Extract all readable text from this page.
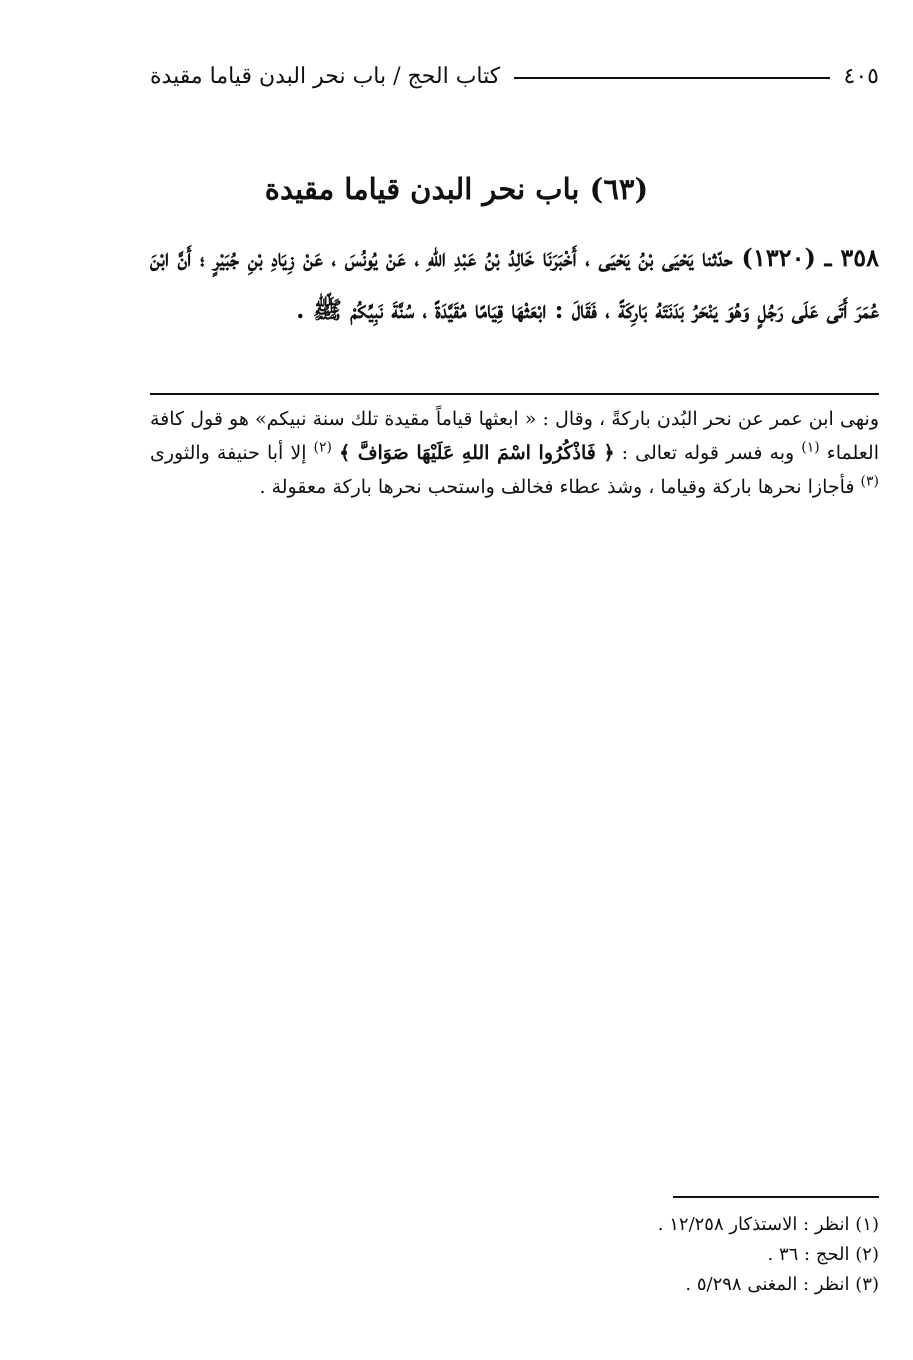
كتاب الحج / باب نحر البدن قياما مقيدة	٤٠٥
(٦٣) باب نحر البدن قياما مقيدة
٣٥٨ ـ (١٣٢٠) حدّثنا يَحْيَى بْنُ يَحْيَى ، أَخْبَرَنَا خَالِدُ بْنُ عَبْدِ اللهِ ، عَنْ يُونُسَ ، عَنْ زِيَادِ بْنِ جُبَيْرٍ ؛ أَنَّ ابْنَ عُمَرَ أَتَى عَلَى رَجُلٍ وَهُوَ يَنْحَرُ بَدَنَتَهُ بَارِكَةً ، فَقَالَ : ابْعَثْهَا قِيَامًا مُقَيَّدَةً ، سُنَّةَ نَبِيِّكُمْ ﷺ .
ونهى ابن عمر عن نحر البُدن باركةً ، وقال : « ابعثها قياماً مقيدة تلك سنة نبيكم» هو قول كافة العلماء $^{(١)}$ وبه فسر قوله تعالى : ﴿ فَاذْكُرُوا اسْمَ اللهِ عَلَيْهَا صَوَافَّ ﴾ $^{(٢)}$ إلا أبا حنيفة والثورى $^{(٣)}$ فأجازا نحرها باركة وقياما ، وشذ عطاء فخالف واستحب نحرها باركة معقولة .

(١) انظر : الاستذكار ١٢/٢٥٨ .

(٢) الحج : ٣٦ .

(٣) انظر : المغنى ٥/٢٩٨ .
